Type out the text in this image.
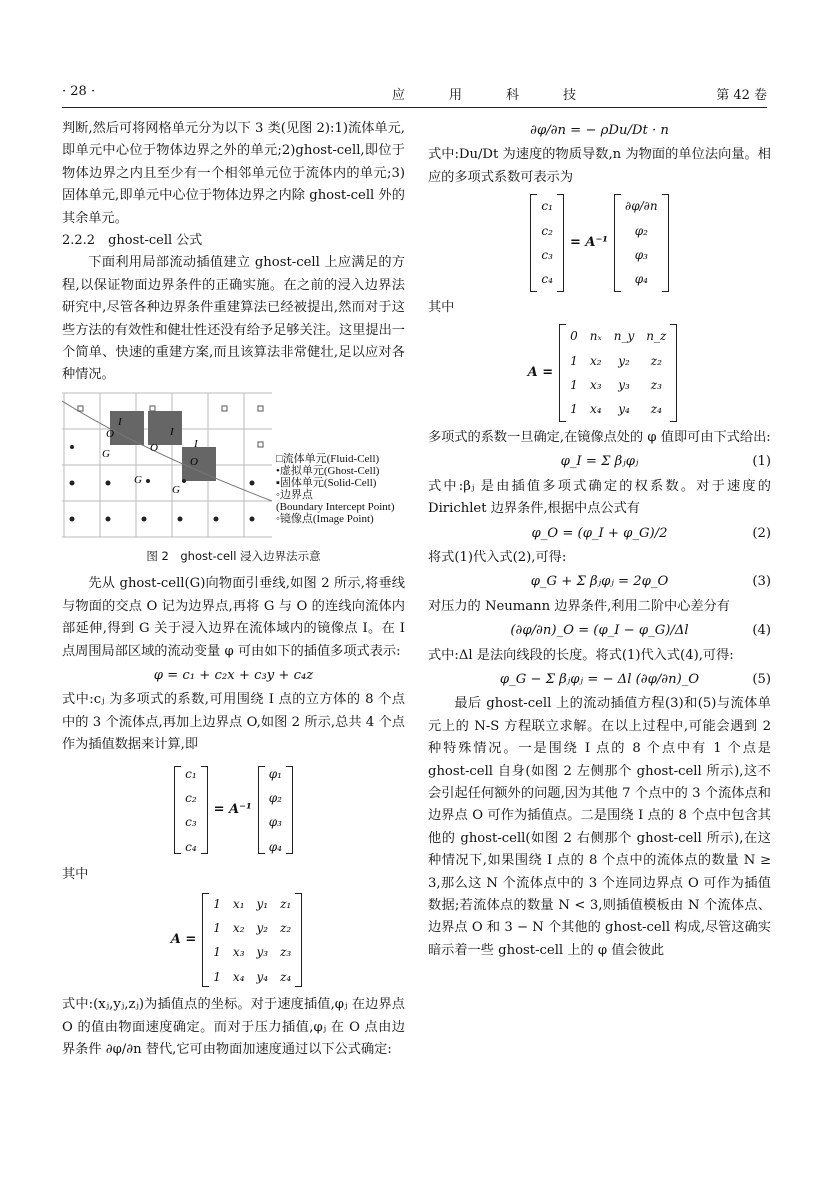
· 28 ·	应用科技	第 42 卷

判断,然后可将网格单元分为以下 3 类(见图 2):1)流体单元,即单元中心位于物体边界之外的单元;2)ghost-cell,即位于物体边界之内且至少有一个相邻单元位于流体内的单元;3)固体单元,即单元中心位于物体边界之内除 ghost-cell 外的其余单元。

2.2.2　ghost-cell 公式

下面利用局部流动插值建立 ghost-cell 上应满足的方程,以保证物面边界条件的正确实施。在之前的浸入边界法研究中,尽管各种边界条件重建算法已经被提出,然而对于这些方法的有效性和健壮性还没有给予足够关注。这里提出一个简单、快速的重建方案,而且该算法非常健壮,足以应对各种情况。

I
O
G
I
O	I
O
G
G
□流体单元(Fluid-Cell)
•虚拟单元(Ghost-Cell)
▪固体单元(Solid-Cell)
◦边界点
(Boundary Intercept Point)
◦镜像点(Image Point)

图 2　ghost-cell 浸入边界法示意

先从 ghost-cell(G)向物面引垂线,如图 2 所示,将垂线与物面的交点 O 记为边界点,再将 G 与 O 的连线向流体内部延伸,得到 G 关于浸入边界在流体域内的镜像点 I。在 I 点周围局部区域的流动变量 φ 可由如下的插值多项式表示:

φ = c₁ + c₂x + c₃y + c₄z

式中:cⱼ 为多项式的系数,可用围绕 I 点的立方体的 8 个点中的 3 个流体点,再加上边界点 O,如图 2 所示,总共 4 个点作为插值数据来计算,即

c₁
c₂
c₃
c₄
= A⁻¹
φ₁
φ₂
φ₃
φ₄

其中

A =
1 x₁ y₁ z₁
1 x₂ y₂ z₂
1 x₃ y₃ z₃
1 x₄ y₄ z₄

式中:(xⱼ,yⱼ,zⱼ)为插值点的坐标。对于速度插值,φⱼ 在边界点 O 的值由物面速度确定。而对于压力插值,φⱼ 在 O 点由边界条件 ∂φ/∂n 替代,它可由物面加速度通过以下公式确定:

∂φ/∂n = − ρDu/Dt · n

式中:Du/Dt 为速度的物质导数,n 为物面的单位法向量。相应的多项式系数可表示为

c₁
c₂
c₃
c₄
= A⁻¹
∂φ/∂n
φ₂
φ₃
φ₄

其中

A =
0 nₓ n_y n_z
1 x₂	y₂	z₂
1 x₃	y₃	z₃
1 x₄	y₄	z₄

多项式的系数一旦确定,在镜像点处的 φ 值即可由下式给出:

φ_I = Σ βⱼφⱼ	(1)

式中:βⱼ 是由插值多项式确定的权系数。对于速度的 Dirichlet 边界条件,根据中点公式有

φ_O = (φ_I + φ_G)/2	(2)

将式(1)代入式(2),可得:

φ_G + Σ βⱼφⱼ = 2φ_O	(3)

对压力的 Neumann 边界条件,利用二阶中心差分有

(∂φ/∂n)_O = (φ_I − φ_G)/Δl	(4)

式中:Δl 是法向线段的长度。将式(1)代入式(4),可得:

φ_G − Σ βⱼφⱼ = − Δl (∂φ/∂n)_O	(5)

最后 ghost-cell 上的流动插值方程(3)和(5)与流体单元上的 N-S 方程联立求解。在以上过程中,可能会遇到 2 种特殊情况。一是围绕 I 点的 8 个点中有 1 个点是 ghost-cell 自身(如图 2 左侧那个 ghost-cell 所示),这不会引起任何额外的问题,因为其他 7 个点中的 3 个流体点和边界点 O 可作为插值点。二是围绕 I 点的 8 个点中包含其他的 ghost-cell(如图 2 右侧那个 ghost-cell 所示),在这种情况下,如果围绕 I 点的 8 个点中的流体点的数量 N ≥ 3,那么这 N 个流体点中的 3 个连同边界点 O 可作为插值数据;若流体点的数量 N < 3,则插值模板由 N 个流体点、边界点 O 和 3 − N 个其他的 ghost-cell 构成,尽管这确实暗示着一些 ghost-cell 上的 φ 值会彼此
